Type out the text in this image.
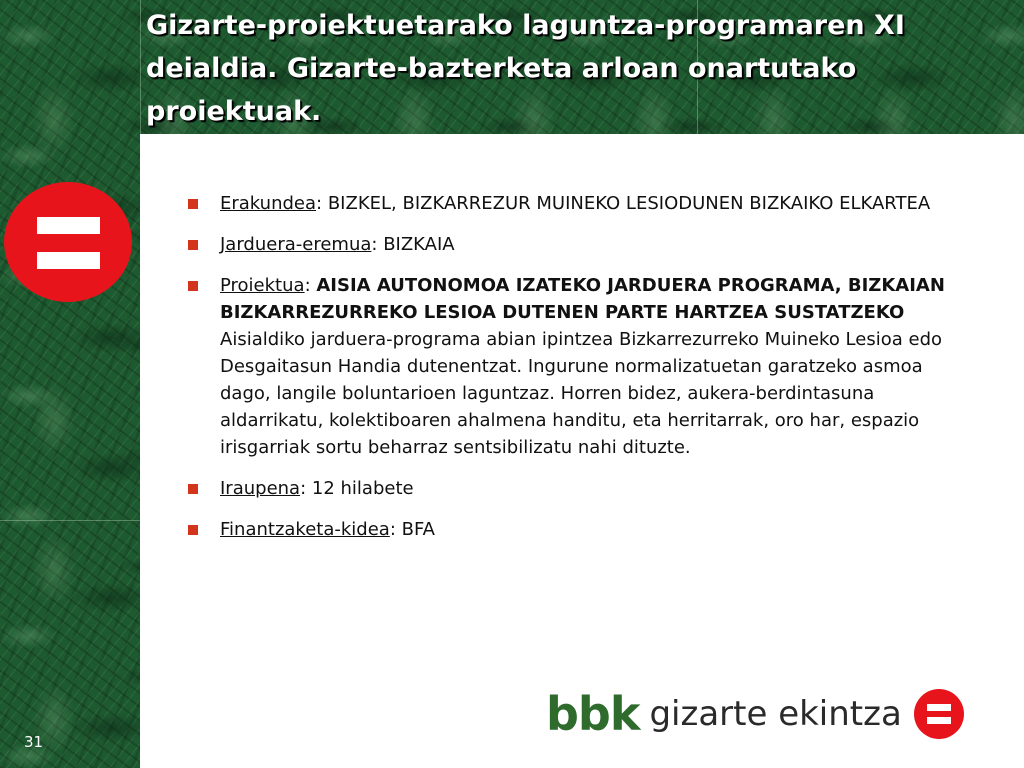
Gizarte-proiektuetarako laguntza-programaren XI deialdia. Gizarte-bazterketa arloan onartutako proiektuak.
Erakundea: BIZKEL, BIZKARREZUR MUINEKO LESIODUNEN BIZKAIKO ELKARTEA
Jarduera-eremua: BIZKAIA
Proiektua: AISIA AUTONOMOA IZATEKO JARDUERA PROGRAMA, BIZKAIAN BIZKARREZURREKO LESIOA DUTENEN PARTE HARTZEA SUSTATZEKO
Aisialdiko jarduera-programa abian ipintzea Bizkarrezurreko Muineko Lesioa edo Desgaitasun Handia dutenentzat. Ingurune normalizatuetan garatzeko asmoa dago, langile boluntarioen laguntzaz. Horren bidez, aukera-berdintasuna aldarrikatu, kolektiboaren ahalmena handitu, eta herritarrak, oro har, espazio irisgarriak sortu beharraz sentsibilizatu nahi dituzte.
Iraupena: 12 hilabete
Finantzaketa-kidea: BFA
31
bbk gizarte ekintza
